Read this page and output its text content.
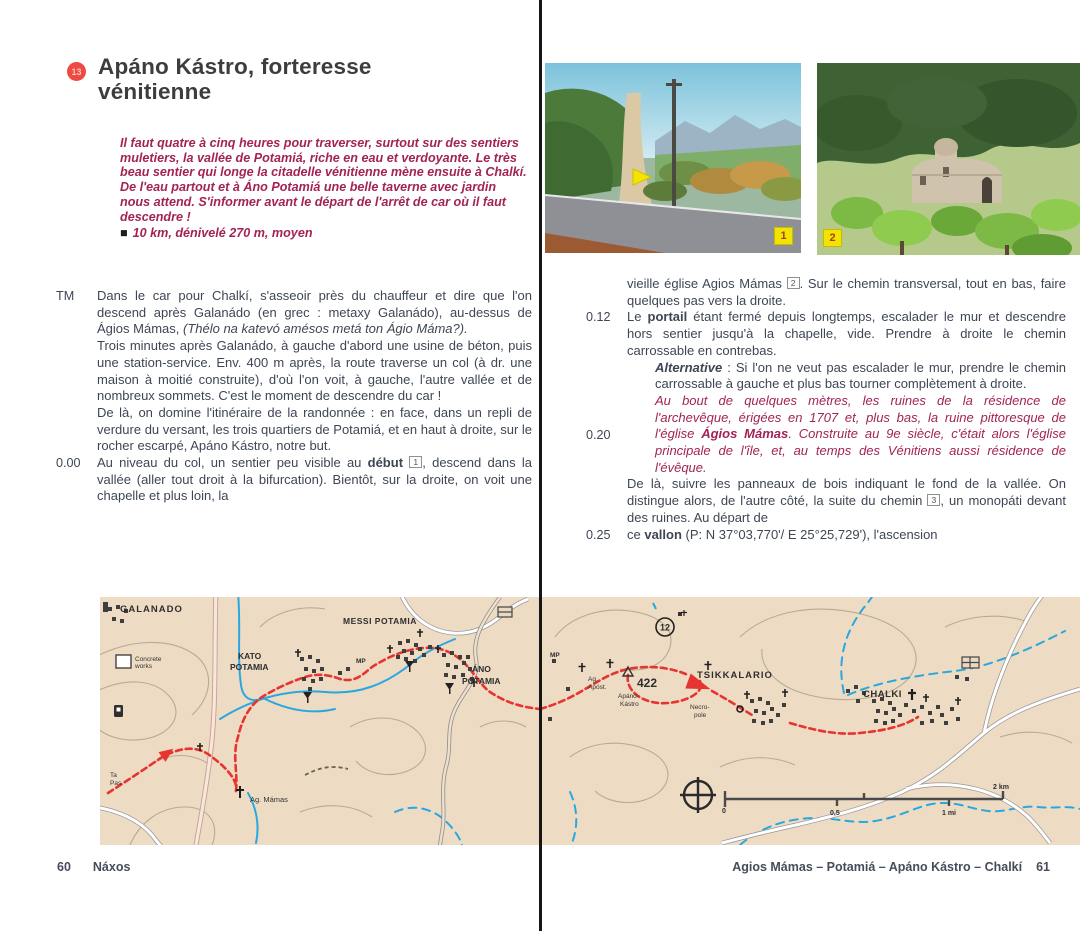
13 Apáno Kástro, forteresse vénitienne
Il faut quatre à cinq heures pour traverser, surtout sur des sentiers muletiers, la vallée de Potamiá, riche en eau et verdoyante. Le très beau sentier qui longe la citadelle vénitienne mène ensuite à Chalkí. De l'eau partout et à Áno Potamiá une belle taverne avec jardin nous attend. S'informer avant le départ de l'arrêt de car où il faut descendre !
■ 10 km, dénivelé 270 m, moyen
TM	Dans le car pour Chalkí, s'asseoir près du chauffeur et dire que l'on descend après Galanádo (en grec : metaxy Galanádo), au-dessus de Ágios Mámas, (Thélo na katevó amésos metá ton Ágio Máma?).
Trois minutes après Galanádo, à gauche d'abord une usine de béton, puis une station-service. Env. 400 m après, la route traverse un col (à dr. une maison à moitié construite), d'où l'on voit, à gauche, l'autre vallée et de nombreux sommets. C'est le moment de descendre du car !
De là, on domine l'itinéraire de la randonnée : en face, dans un repli de verdure du versant, les trois quartiers de Potamiá, et en haut à droite, sur le rocher escarpé, Apáno Kástro, notre but.
0.00	Au niveau du col, un sentier peu visible au début 1 , descend dans la vallée (aller tout droit à la bifurcation). Bientôt, sur la droite, on voit une chapelle et plus loin, la
60 Náxos
1	2
vieille église Agios Mámas 2 . Sur le chemin transversal, tout en bas, faire quelques pas vers la droite.
0.12	Le portail étant fermé depuis longtemps, escalader le mur et descendre hors sentier jusqu'à la chapelle, vide. Prendre à droite le chemin carrossable en contrebas.
Alternative : Si l'on ne veut pas escalader le mur, prendre le chemin carrossable à gauche et plus bas tourner complètement à droite.
0.20
Au bout de quelques mètres, les ruines de la résidence de l'archevêque, érigées en 1707 et, plus bas, la ruine pittoresque de l'église Ágios Mámas. Construite au 9e siècle, c'était alors l'église principale de l'île, et, au temps des Vénitiens aussi résidence de l'évêque.
De là, suivre les panneaux de bois indiquant le fond de la vallée. On distingue alors, de l'autre côté, la suite du chemin 3 , un monopáti devant des ruines. Au départ de
0.25	ce vallon (P: N 37°03,770'/ E 25°25,729'), l'ascension
Agios Mámas – Potamiá – Apáno Kástro – Chalkí 61
12
0	0,5	1 mi
2 km
GALANADO
Concrete
works
KATO
POTAMIA
MESSI POTAMIA
ÁNO
POTAMIA	TSIKKALARIO
CHALKI
Ag. Mámas
Apáno-
Kástro
422
Necro-
pole
MP
MP
Ag.
Apóst.
Ta
Pas
